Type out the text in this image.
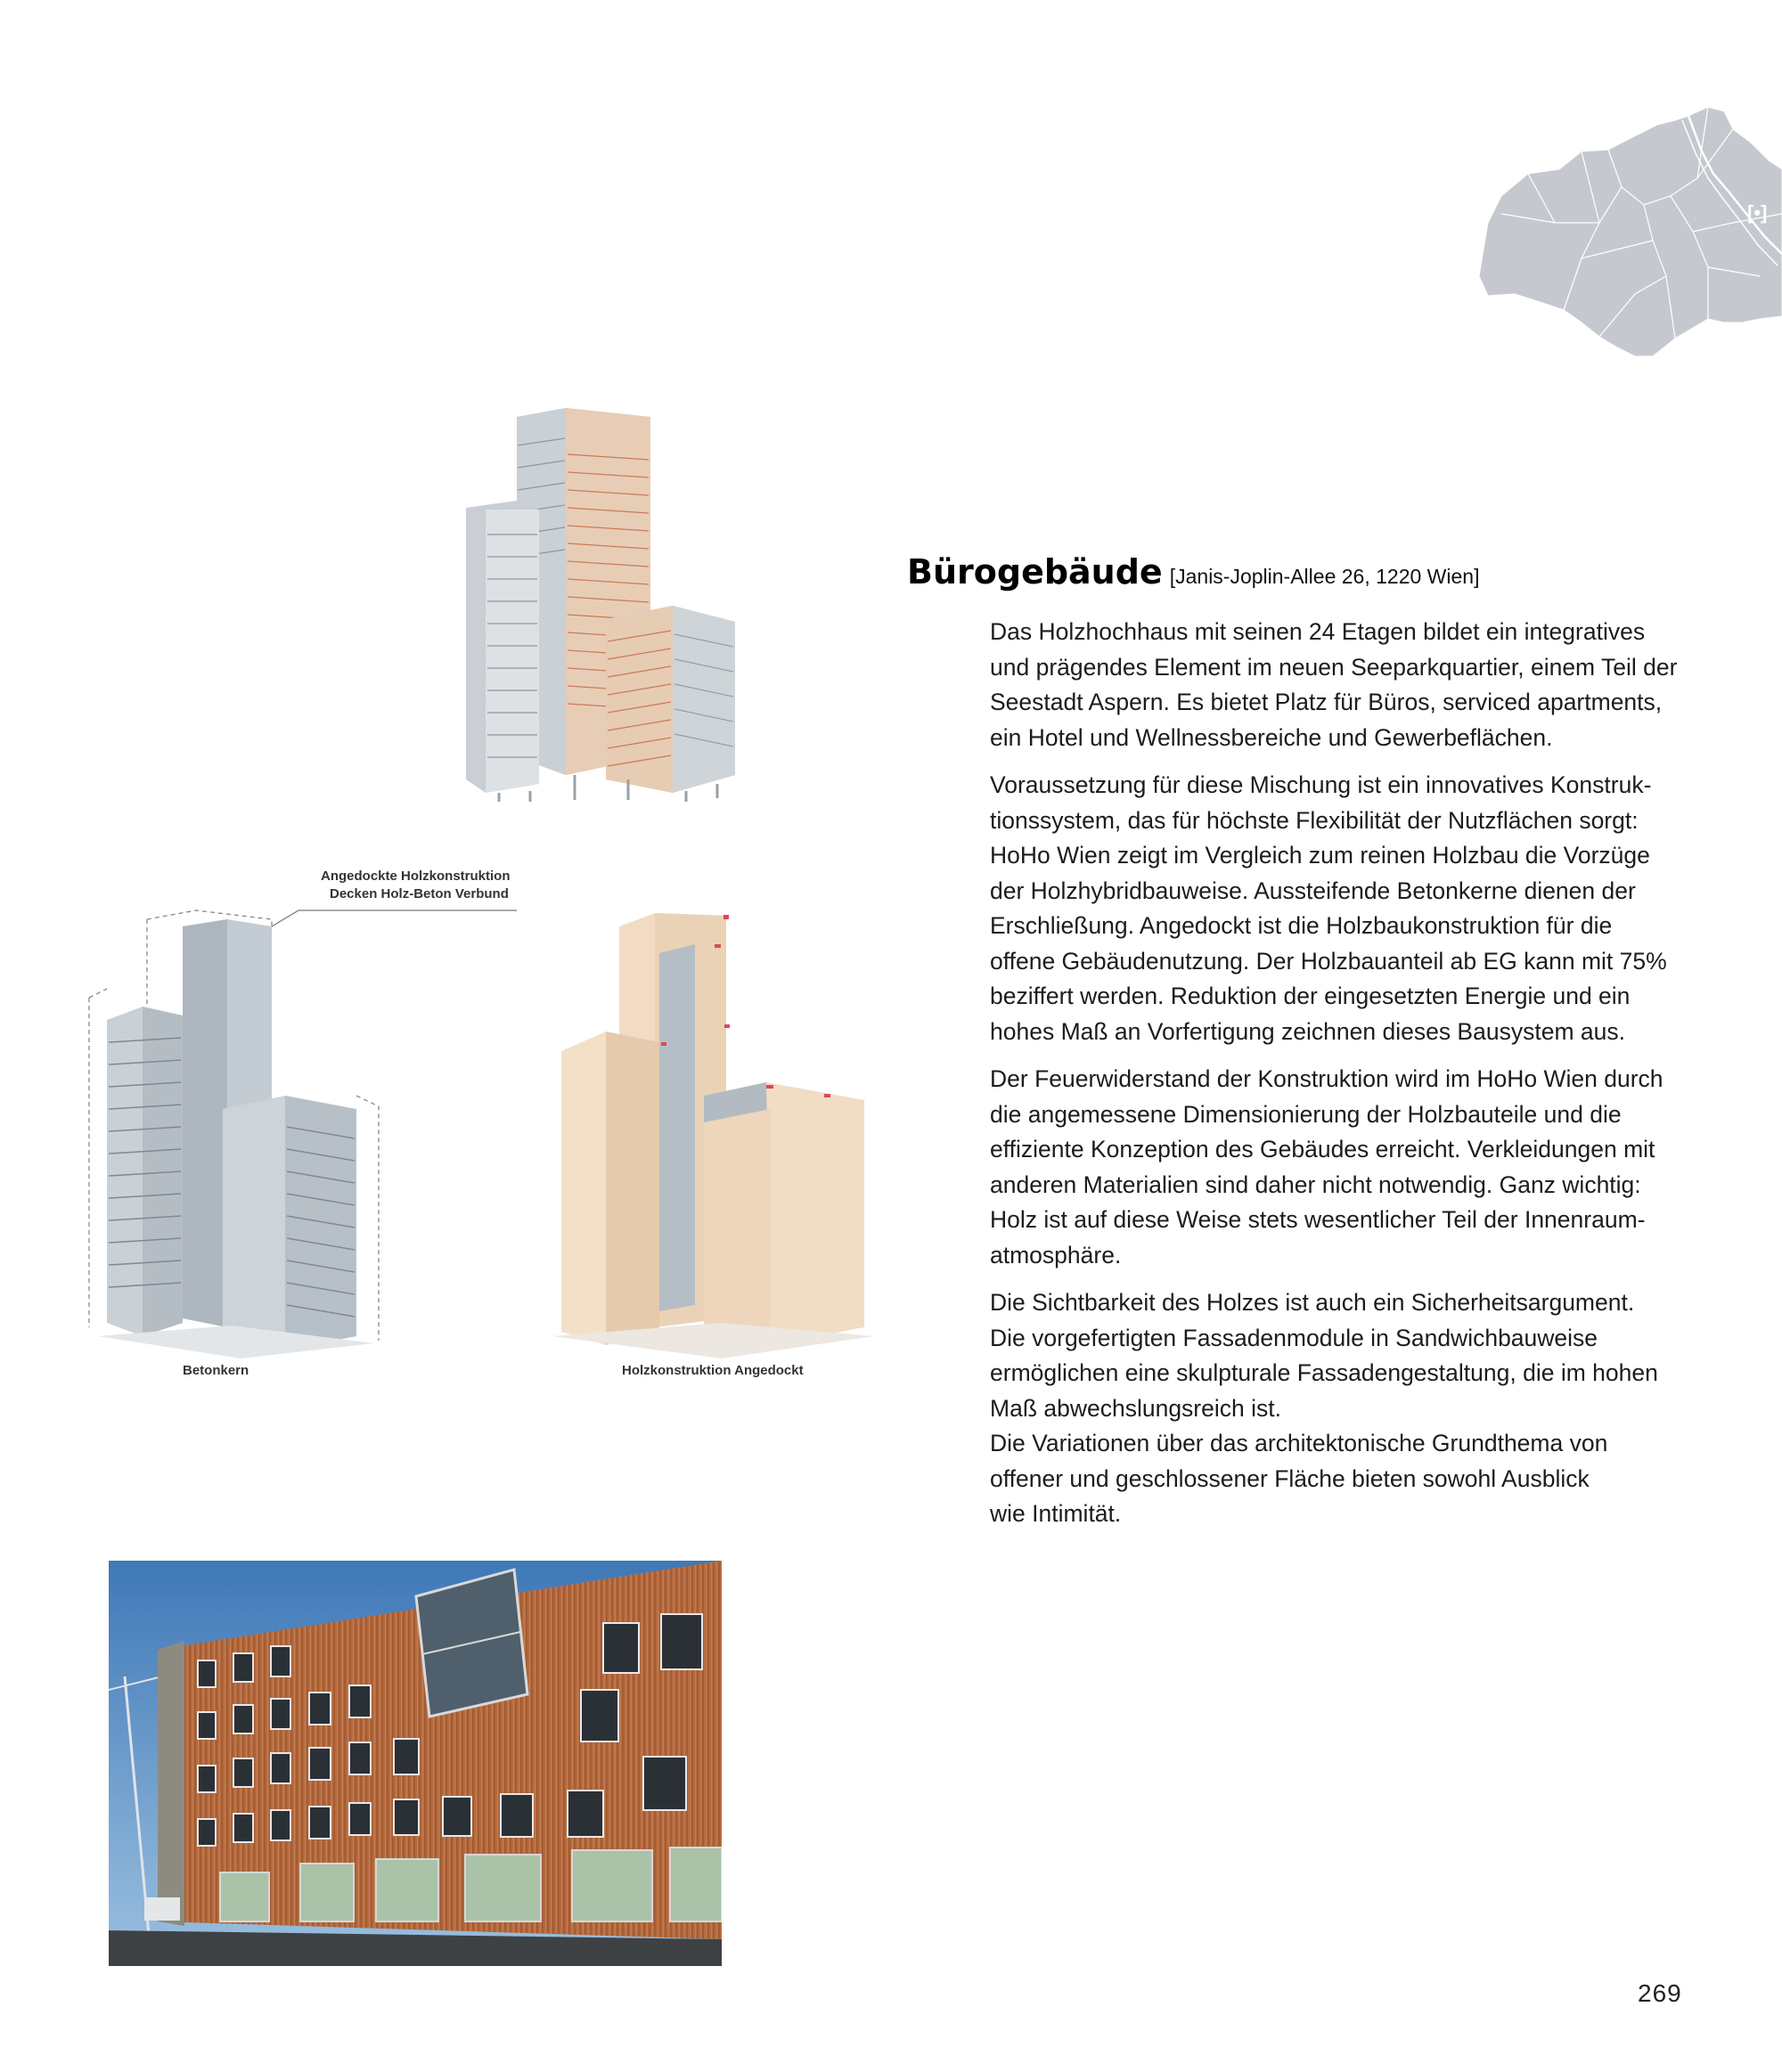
[•]
Angedockte Holzkonstruktion
Decken Holz-Beton Verbund
Betonkern	Holzkonstruktion Angedockt
Bürogebäude [Janis-Joplin-Allee 26, 1220 Wien]

Das Holzhochhaus mit seinen 24 Etagen bildet ein integratives
und prägendes Element im neuen Seeparkquartier, einem Teil der
Seestadt Aspern. Es bietet Platz für Büros, serviced apartments,
ein Hotel und Wellnessbereiche und Gewerbeflächen.

Voraussetzung für diese Mischung ist ein innovatives Konstruk-
tionssystem, das für höchste Flexibilität der Nutzflächen sorgt:
HoHo Wien zeigt im Vergleich zum reinen Holzbau die Vorzüge
der Holzhybridbauweise. Aussteifende Betonkerne dienen der
Erschließung. Angedockt ist die Holzbaukonstruktion für die
offene Gebäudenutzung. Der Holzbauanteil ab EG kann mit 75%
beziffert werden. Reduktion der eingesetzten Energie und ein
hohes Maß an Vorfertigung zeichnen dieses Bausystem aus.

Der Feuerwiderstand der Konstruktion wird im HoHo Wien durch
die angemessene Dimensionierung der Holzbauteile und die
effiziente Konzeption des Gebäudes erreicht. Verkleidungen mit
anderen Materialien sind daher nicht notwendig. Ganz wichtig:
Holz ist auf diese Weise stets wesentlicher Teil der Innenraum-
atmosphäre.

Die Sichtbarkeit des Holzes ist auch ein Sicherheitsargument.
Die vorgefertigten Fassadenmodule in Sandwichbauweise
ermöglichen eine skulpturale Fassadengestaltung, die im hohen
Maß abwechslungsreich ist.
Die Variationen über das architektonische Grundthema von
offener und geschlossener Fläche bieten sowohl Ausblick
wie Intimität.

269
